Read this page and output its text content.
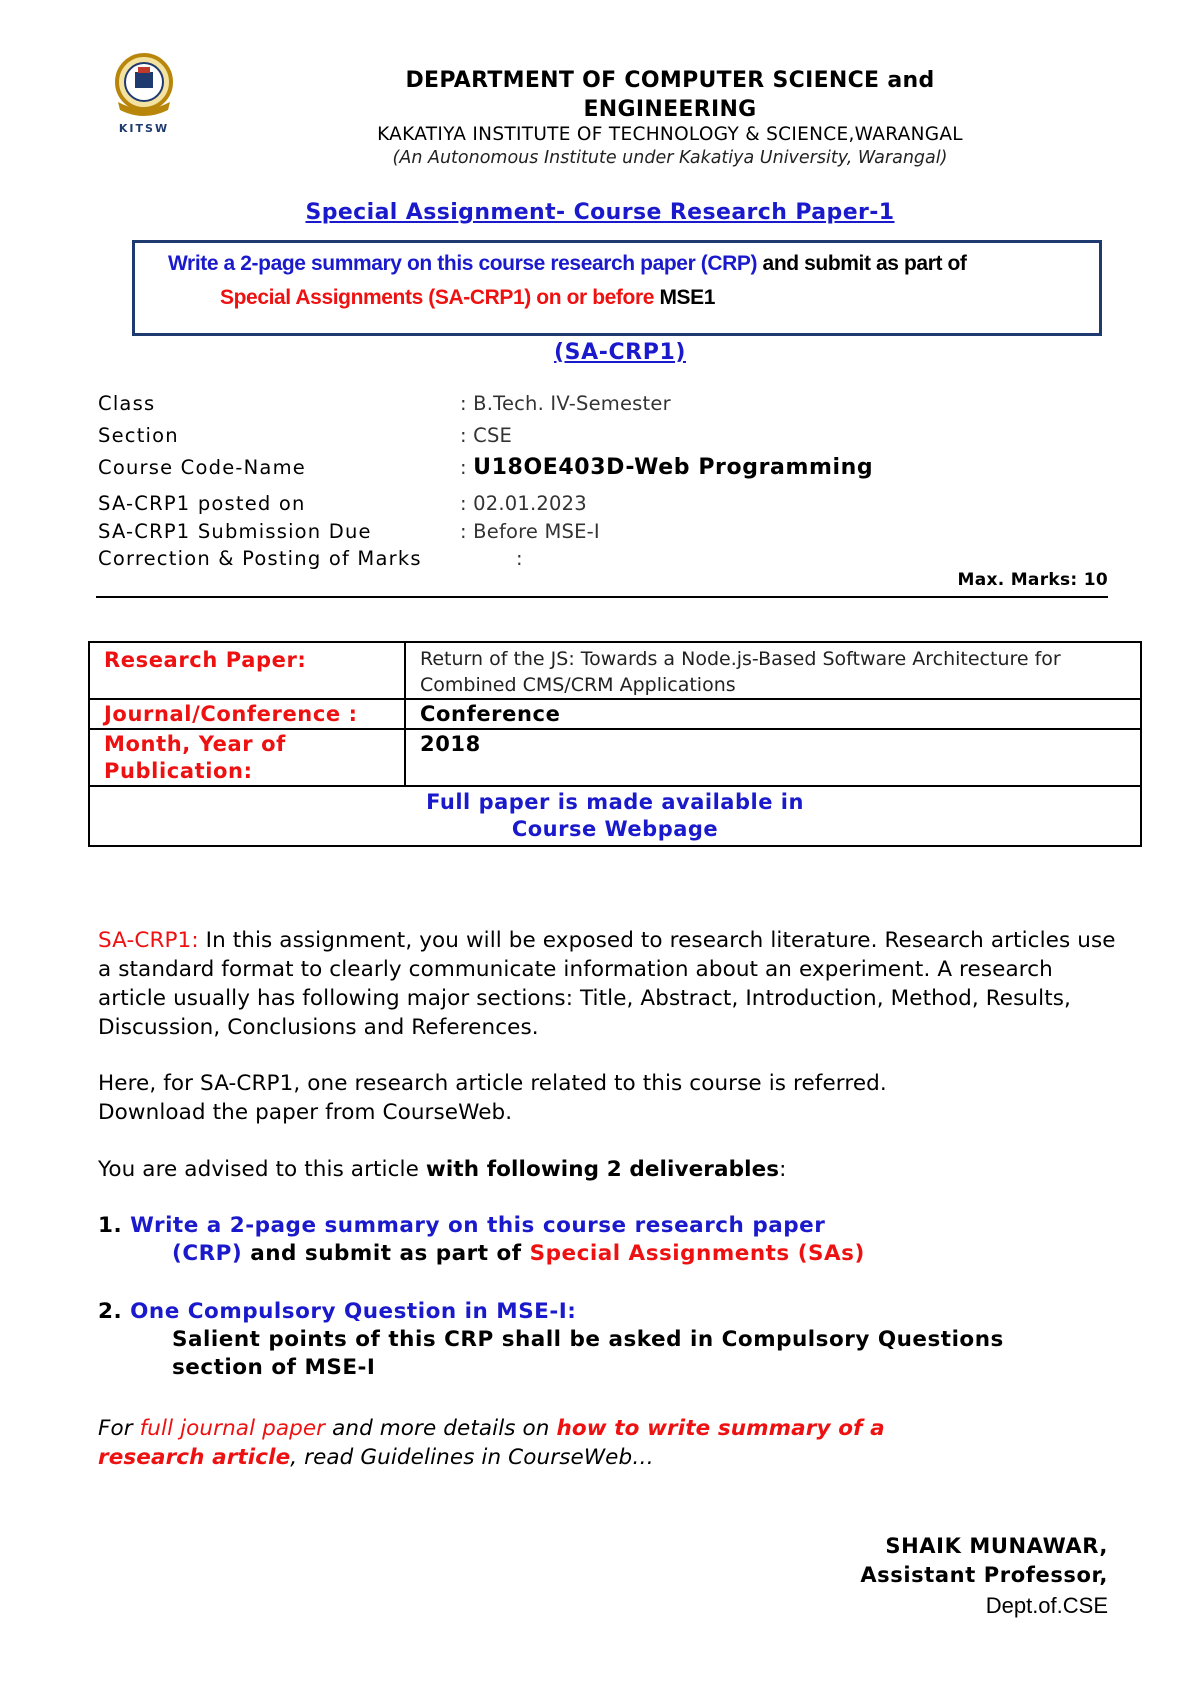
KITSW
DEPARTMENT OF COMPUTER SCIENCE and
ENGINEERING
KAKATIYA INSTITUTE OF TECHNOLOGY & SCIENCE,WARANGAL
(An Autonomous Institute under Kakatiya University, Warangal)
Special Assignment- Course Research Paper-1
Write a 2-page summary on this course research paper (CRP) and submit as part of
Special Assignments (SA-CRP1) on or before MSE1
(SA-CRP1)
Class	: B.Tech. IV-Semester
Section	: CSE
Course Code-Name	: U18OE403D-Web Programming
SA-CRP1 posted on	: 02.01.2023
SA-CRP1 Submission Due	: Before MSE-I
Correction & Posting of Marks	:
Max. Marks: 10
Research Paper:	Return of the JS: Towards a Node.js-Based Software Architecture for Combined CMS/CRM Applications
Journal/Conference :	Conference
Month, Year of Publication:	2018

Full paper is made available in
Course Webpage	
SA-CRP1: In this assignment, you will be exposed to research literature. Research articles use a standard format to clearly communicate information about an experiment. A research article usually has following major sections: Title, Abstract, Introduction, Method, Results, Discussion, Conclusions and References.
Here, for SA-CRP1, one research article related to this course is referred.
Download the paper from CourseWeb.
You are advised to this article with following 2 deliverables:
1. Write a 2-page summary on this course research paper
(CRP) and submit as part of Special Assignments (SAs)
2. One Compulsory Question in MSE-I:
Salient points of this CRP shall be asked in Compulsory Questions
section of MSE-I
For full journal paper and more details on how to write summary of a
research article, read Guidelines in CourseWeb…
SHAIK MUNAWAR,
Assistant Professor,
Dept.of.CSE
